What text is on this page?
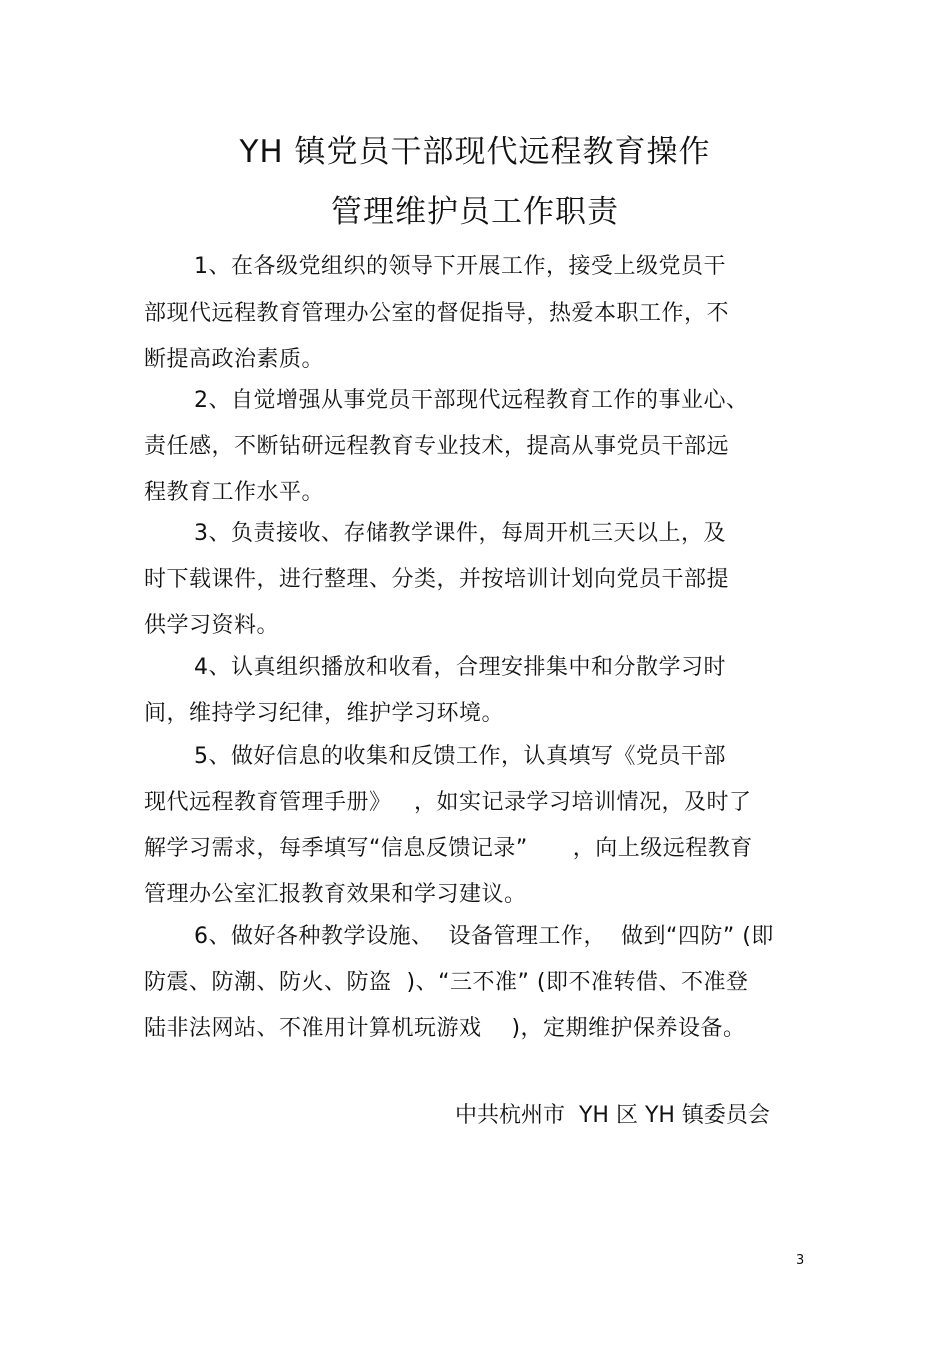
YH 镇党员干部现代远程教育操作
管理维护员工作职责
1、在各级党组织的领导下开展工作，接受上级党员干
部现代远程教育管理办公室的督促指导，热爱本职工作，不
断提高政治素质。
2、自觉增强从事党员干部现代远程教育工作的事业心、
责任感，不断钻研远程教育专业技术，提高从事党员干部远
程教育工作水平。
3、负责接收、存储教学课件，每周开机三天以上，及
时下载课件，进行整理、分类，并按培训计划向党员干部提
供学习资料。
4、认真组织播放和收看，合理安排集中和分散学习时
间，维持学习纪律，维护学习环境。
5、做好信息的收集和反馈工作，认真填写《党员干部
现代远程教育管理手册》   ，如实记录学习培训情况，及时了
解学习需求，每季填写“信息反馈记录”      ，向上级远程教育
管理办公室汇报教育效果和学习建议。
6、做好各种教学设施、  设备管理工作，  做到“四防” (即
防震、防潮、防火、防盗  )、“三不准” (即不准转借、不准登
陆非法网站、不准用计算机玩游戏    )，定期维护保养设备。
中共杭州市  YH 区 YH 镇委员会
3
